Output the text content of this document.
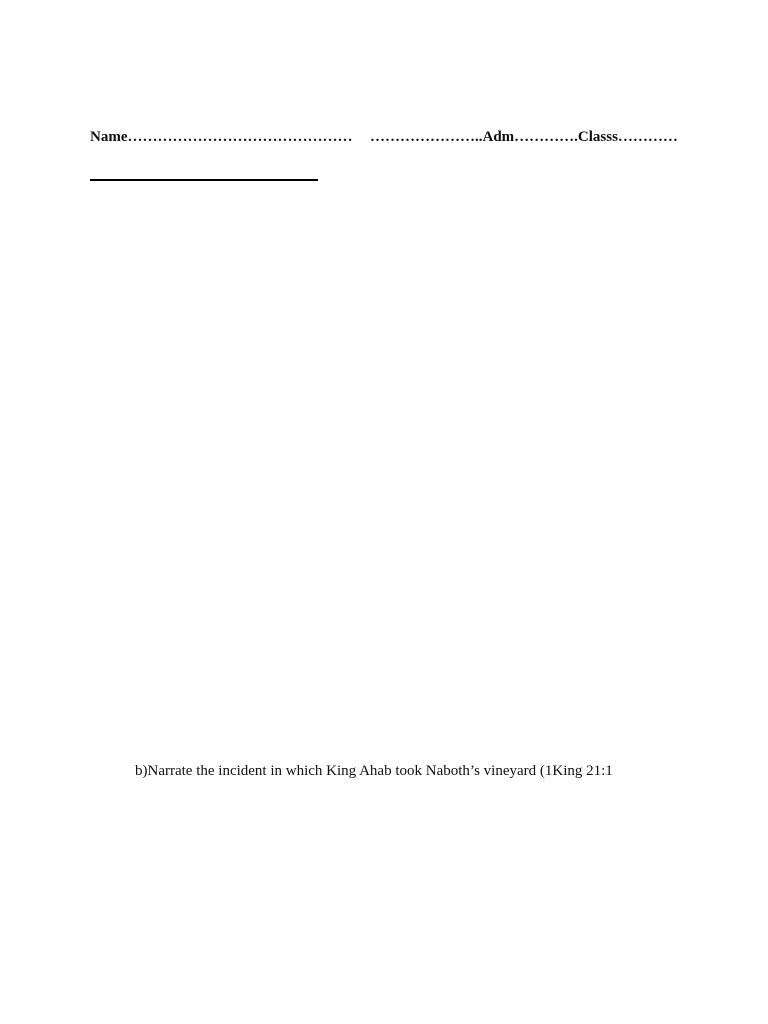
Name……………………………………… …………………..Adm………….Classs…………
b)Narrate the incident in which King Ahab took Naboth’s vineyard (1King 21:1
